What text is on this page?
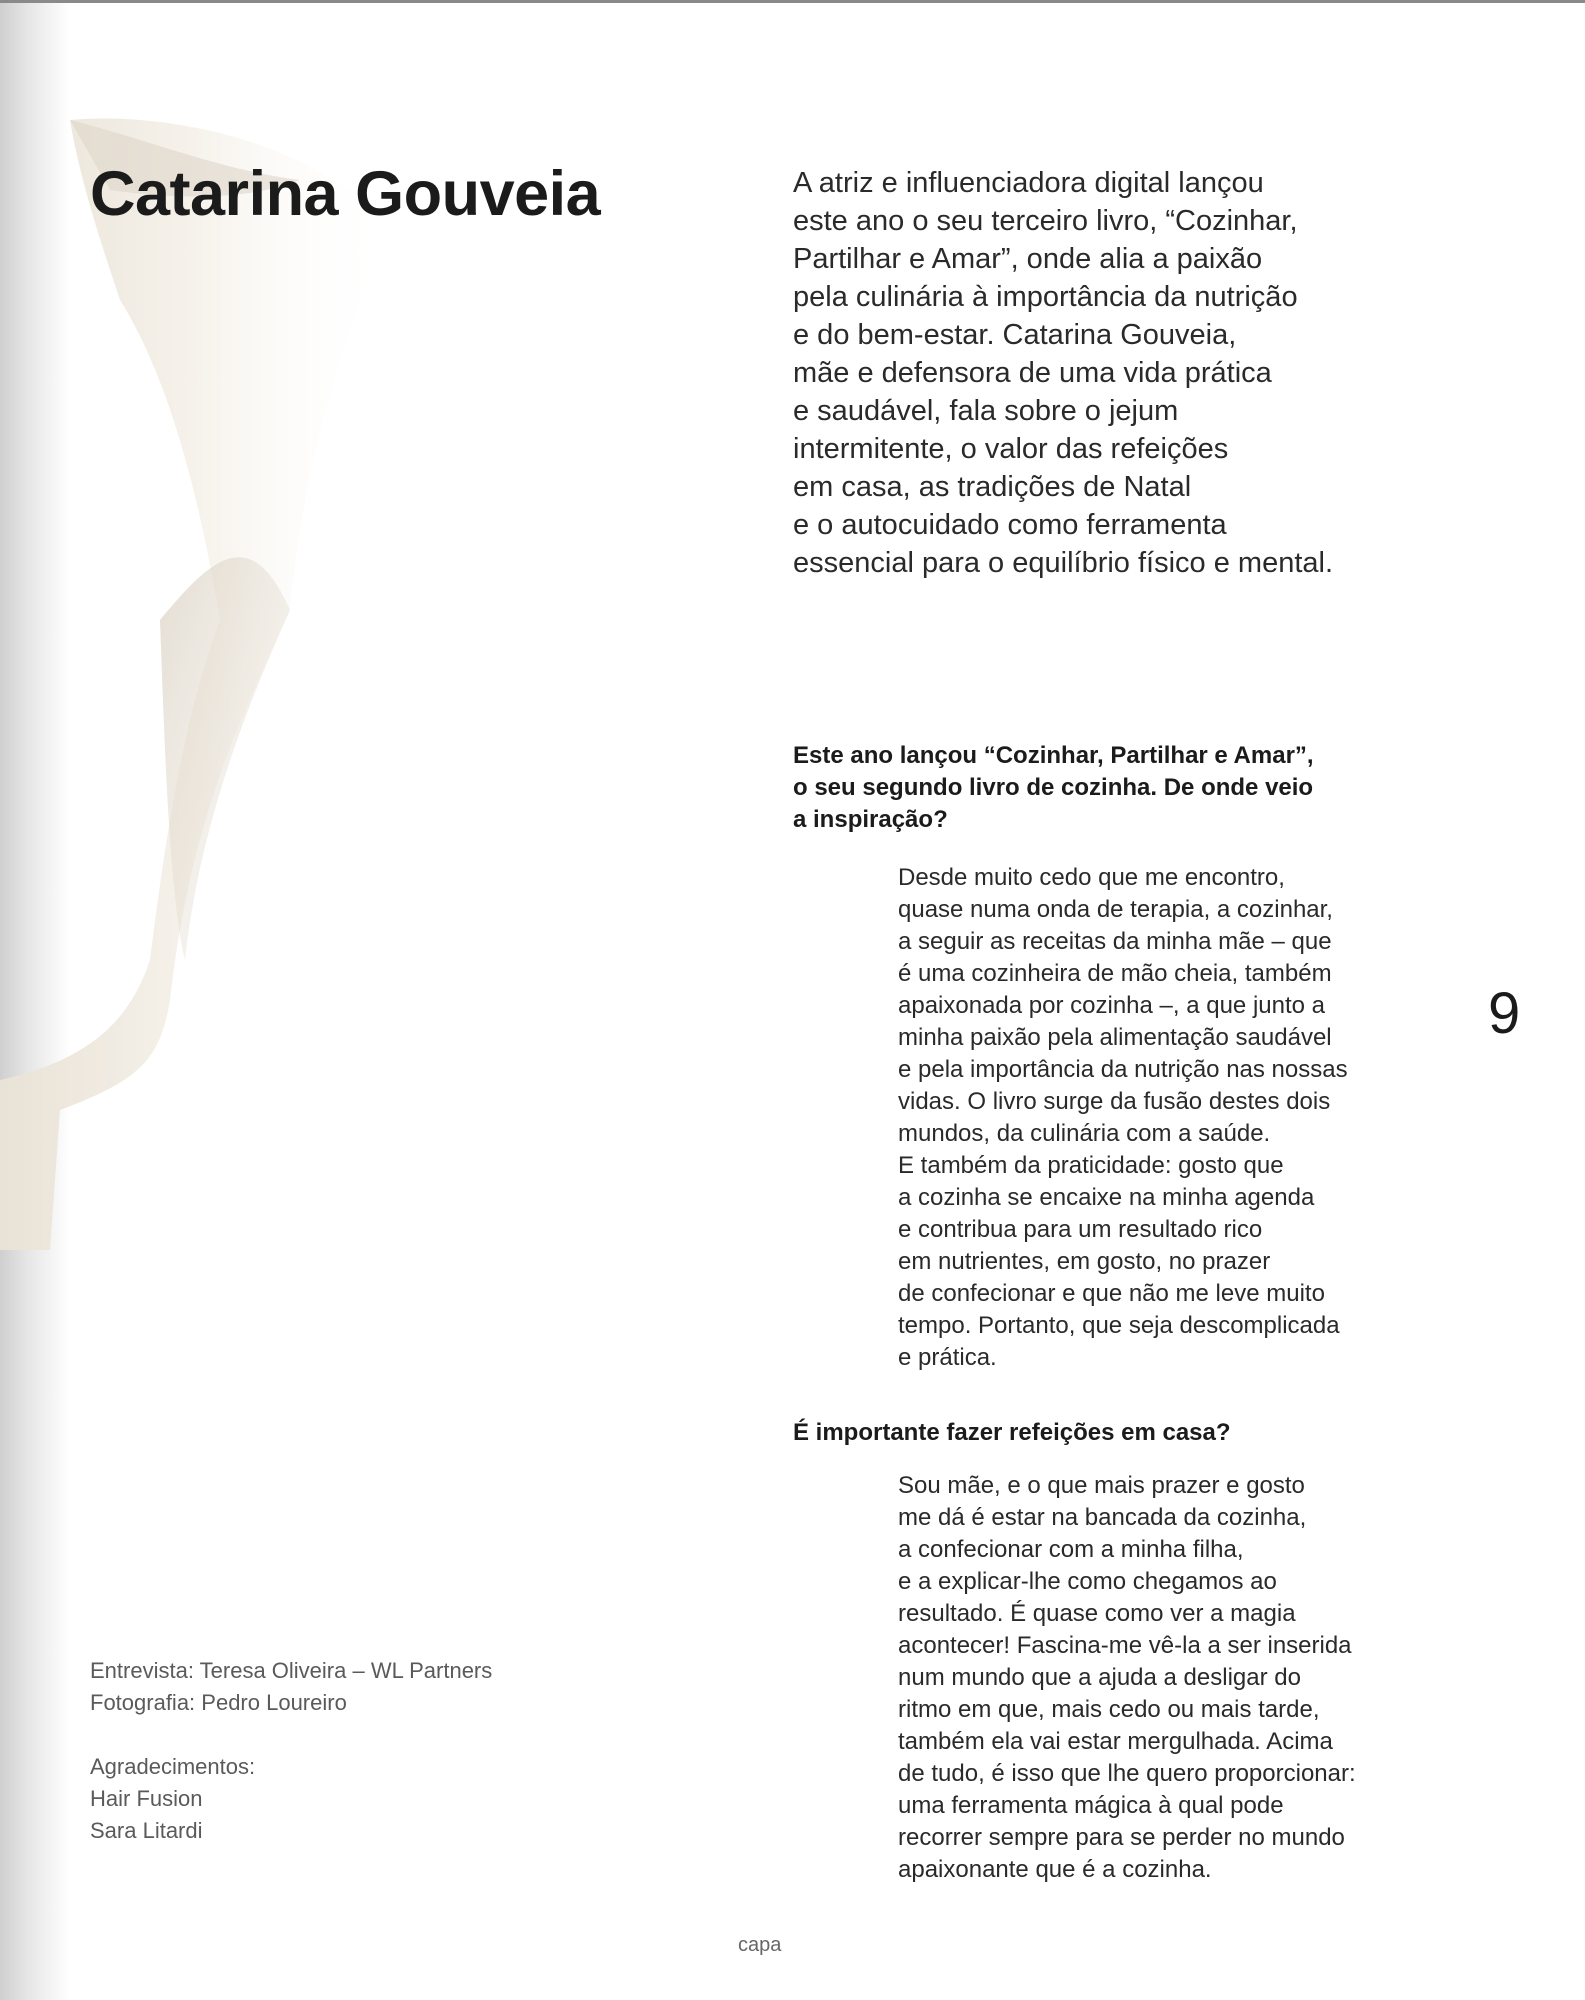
Catarina Gouveia	A atriz e influenciadora digital lançou
este ano o seu terceiro livro, “Cozinhar,
Partilhar e Amar”, onde alia a paixão
pela culinária à importância da nutrição
e do bem-estar. Catarina Gouveia,
mãe e defensora de uma vida prática
e saudável, fala sobre o jejum
intermitente, o valor das refeições
em casa, as tradições de Natal
e o autocuidado como ferramenta
essencial para o equilíbrio físico e mental.
Este ano lançou “Cozinhar, Partilhar e Amar”,
o seu segundo livro de cozinha. De onde veio
a inspiração?
Desde muito cedo que me encontro,
quase numa onda de terapia, a cozinhar,
a seguir as receitas da minha mãe – que
é uma cozinheira de mão cheia, também
apaixonada por cozinha –, a que junto a
minha paixão pela alimentação saudável
e pela importância da nutrição nas nossas
vidas. O livro surge da fusão destes dois
mundos, da culinária com a saúde.
E também da praticidade: gosto que
a cozinha se encaixe na minha agenda
e contribua para um resultado rico
em nutrientes, em gosto, no prazer
de confecionar e que não me leve muito
tempo. Portanto, que seja descomplicada
e prática.
9
É importante fazer refeições em casa?
Sou mãe, e o que mais prazer e gosto
me dá é estar na bancada da cozinha,
a confecionar com a minha filha,
e a explicar-lhe como chegamos ao
resultado. É quase como ver a magia
acontecer! Fascina-me vê-la a ser inserida
num mundo que a ajuda a desligar do
ritmo em que, mais cedo ou mais tarde,
também ela vai estar mergulhada. Acima
de tudo, é isso que lhe quero proporcionar:
uma ferramenta mágica à qual pode
recorrer sempre para se perder no mundo
apaixonante que é a cozinha.

Entrevista: Teresa Oliveira – WL Partners

Fotografia: Pedro Loureiro

Agradecimentos:

Hair Fusion

Sara Litardi

capa
